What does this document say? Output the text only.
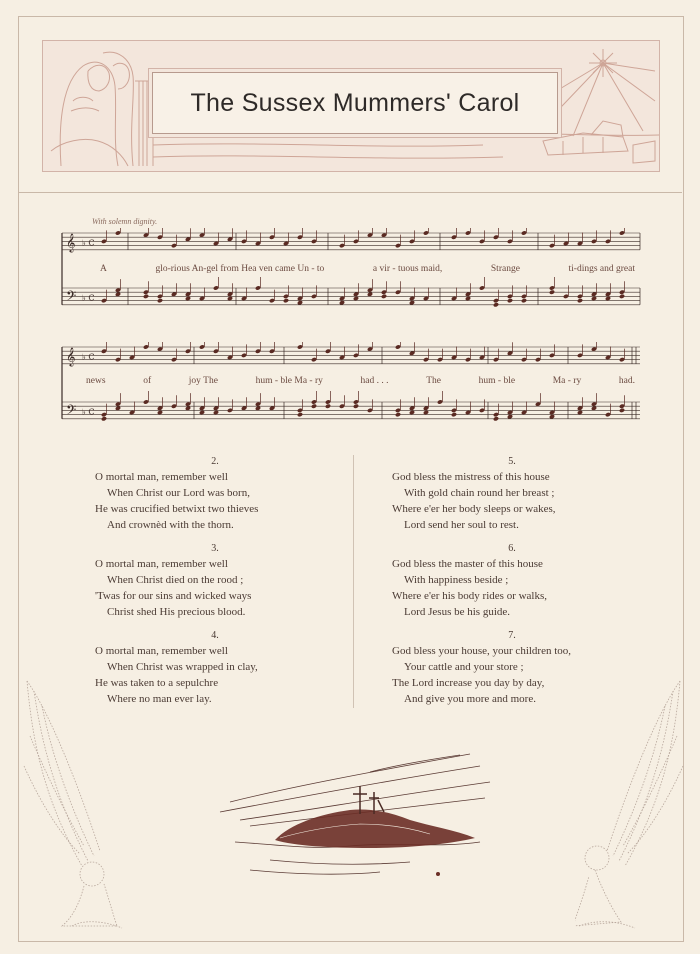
The Sussex Mummers' Carol
With solemn dignity.
𝄞 ♭ C
𝄢 ♭ C
A	glo-rious An-gel from Hea ven came Un - to	a vir - tuous maid,	Strange	ti-dings and great
𝄞 ♭ C
𝄢 ♭ C
news	of	joy The	hum - ble Ma - ry	had . . .	The	hum - ble	Ma - ry	had.
2.
O mortal man, remember well
When Christ our Lord was born,
He was crucified betwixt two thieves
And crownèd with the thorn.
3.
O mortal man, remember well
When Christ died on the rood ;
'Twas for our sins and wicked ways
Christ shed His precious blood.
4.
O mortal man, remember well
When Christ was wrapped in clay,
He was taken to a sepulchre
Where no man ever lay.
5.
God bless the mistress of this house
With gold chain round her breast ;
Where e'er her body sleeps or wakes,
Lord send her soul to rest.
6.
God bless the master of this house
With happiness beside ;
Where e'er his body rides or walks,
Lord Jesus be his guide.
7.
God bless your house, your children too,
Your cattle and your store ;
The Lord increase you day by day,
And give you more and more.
